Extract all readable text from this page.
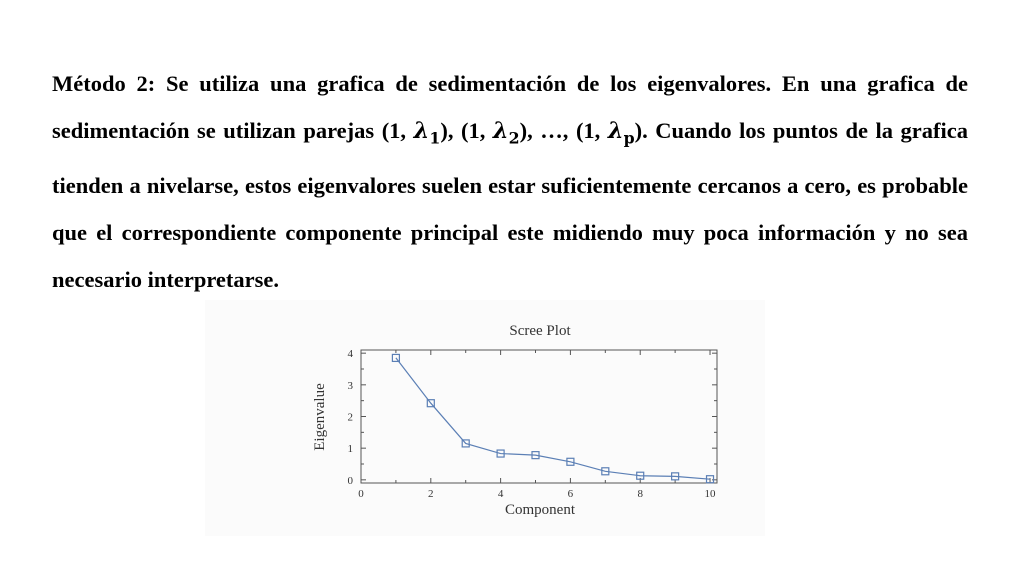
Método 2: Se utiliza una grafica de sedimentación de los eigenvalores. En una grafica de sedimentación se utilizan parejas (1, $\lambda_1$), (1, $\lambda_2$), …, (1, $\lambda_p$). Cuando los puntos de la grafica tienden a nivelarse, estos eigenvalores suelen estar suficientemente cercanos a cero, es probable que el correspondiente componente principal este midiendo muy poca información y no sea necesario interpretarse.
Scree Plot
Eigenvalue
Component
0	2	4	6	8	10
0
1
2
3
4
